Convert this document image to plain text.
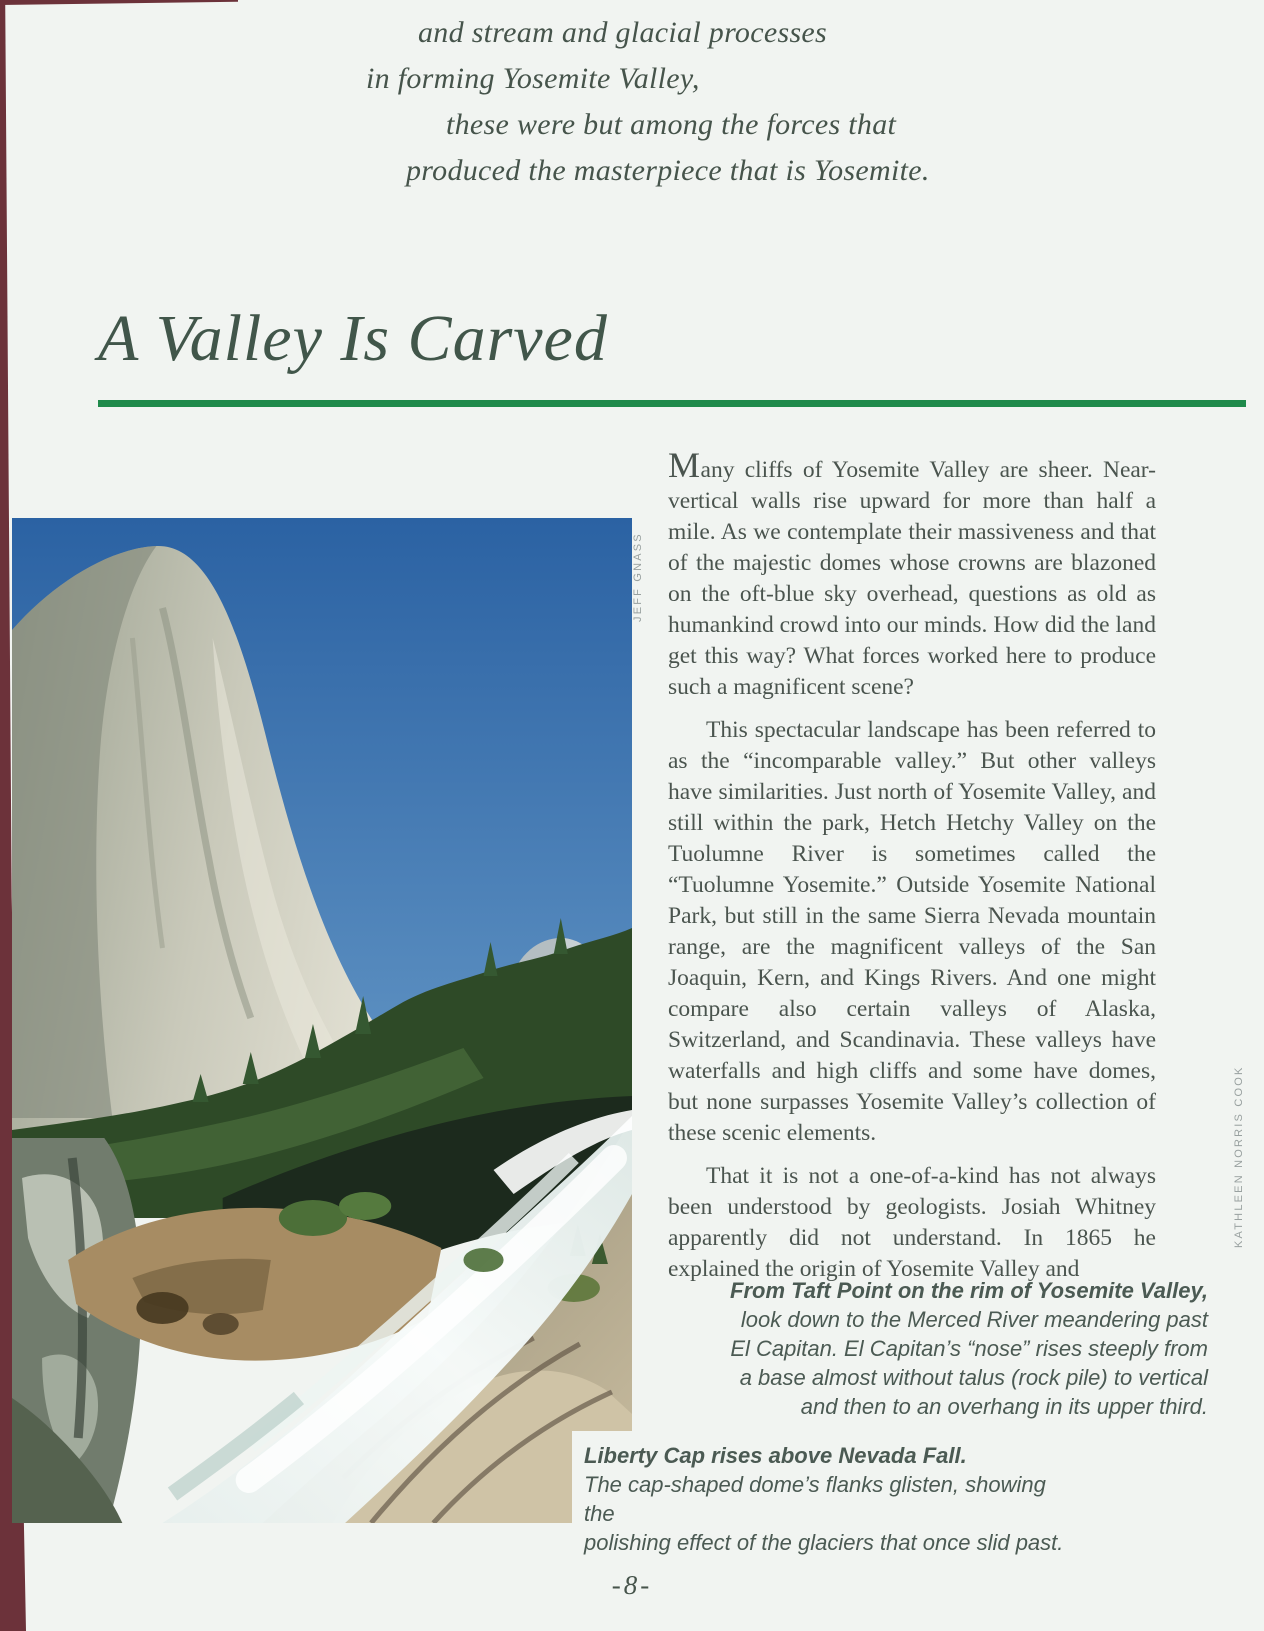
and stream and glacial processes
in forming Yosemite Valley,
these were but among the forces that
produced the masterpiece that is Yosemite.
A Valley Is Carved
JEFF GNASS
KATHLEEN NORRIS COOK

Many cliffs of Yosemite Valley are sheer. Near-vertical walls rise upward for more than half a mile. As we contemplate their massiveness and that of the majestic domes whose crowns are blazoned on the oft-blue sky overhead, questions as old as humankind crowd into our minds. How did the land get this way? What forces worked here to produce such a magnificent scene?

This spectacular landscape has been referred to as the “incomparable valley.” But other valleys have similarities. Just north of Yosemite Valley, and still within the park, Hetch Hetchy Valley on the Tuolumne River is sometimes called the “Tuolumne Yosemite.” Outside Yosemite National Park, but still in the same Sierra Nevada mountain range, are the magnificent valleys of the San Joaquin, Kern, and Kings Rivers. And one might compare also certain valleys of Alaska, Switzerland, and Scandinavia. These valleys have waterfalls and high cliffs and some have domes, but none surpasses Yosemite Valley’s collection of these scenic elements.

That it is not a one-of-a-kind has not always been understood by geologists. Josiah Whitney apparently did not understand. In 1865 he explained the origin of Yosemite Valley and

From Taft Point on the rim of Yosemite Valley,
look down to the Merced River meandering past
El Capitan. El Capitan’s “nose” rises steeply from
a base almost without talus (rock pile) to vertical
and then to an overhang in its upper third.
Liberty Cap rises above Nevada Fall.
The cap-shaped dome’s flanks glisten, showing the
polishing effect of the glaciers that once slid past.
-8-
